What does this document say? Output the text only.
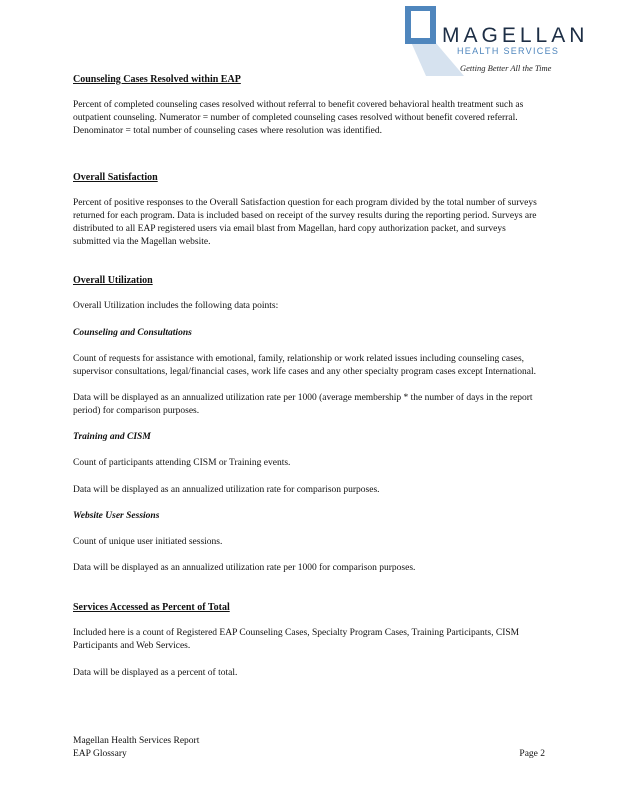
MAGELLAN
HEALTH SERVICES
Getting Better All the Time
Counseling Cases Resolved within EAP

Percent of completed counseling cases resolved without referral to benefit covered behavioral health treatment such as outpatient counseling. Numerator = number of completed counseling cases resolved without benefit covered referral. Denominator = total number of counseling cases where resolution was identified.

Overall Satisfaction

Percent of positive responses to the Overall Satisfaction question for each program divided by the total number of surveys returned for each program. Data is included based on receipt of the survey results during the reporting period. Surveys are distributed to all EAP registered users via email blast from Magellan, hard copy authorization packet, and surveys submitted via the Magellan website.

Overall Utilization

Overall Utilization includes the following data points:

Counseling and Consultations

Count of requests for assistance with emotional, family, relationship or work related issues including counseling cases, supervisor consultations, legal/financial cases, work life cases and any other specialty program cases except International.

Data will be displayed as an annualized utilization rate per 1000 (average membership * the number of days in the report period) for comparison purposes.

Training and CISM

Count of participants attending CISM or Training events.

Data will be displayed as an annualized utilization rate for comparison purposes.

Website User Sessions

Count of unique user initiated sessions.

Data will be displayed as an annualized utilization rate per 1000 for comparison purposes.

Services Accessed as Percent of Total

Included here is a count of Registered EAP Counseling Cases, Specialty Program Cases, Training Participants, CISM Participants and Web Services.

Data will be displayed as a percent of total.

Magellan Health Services Report
EAP Glossary	Page 2
